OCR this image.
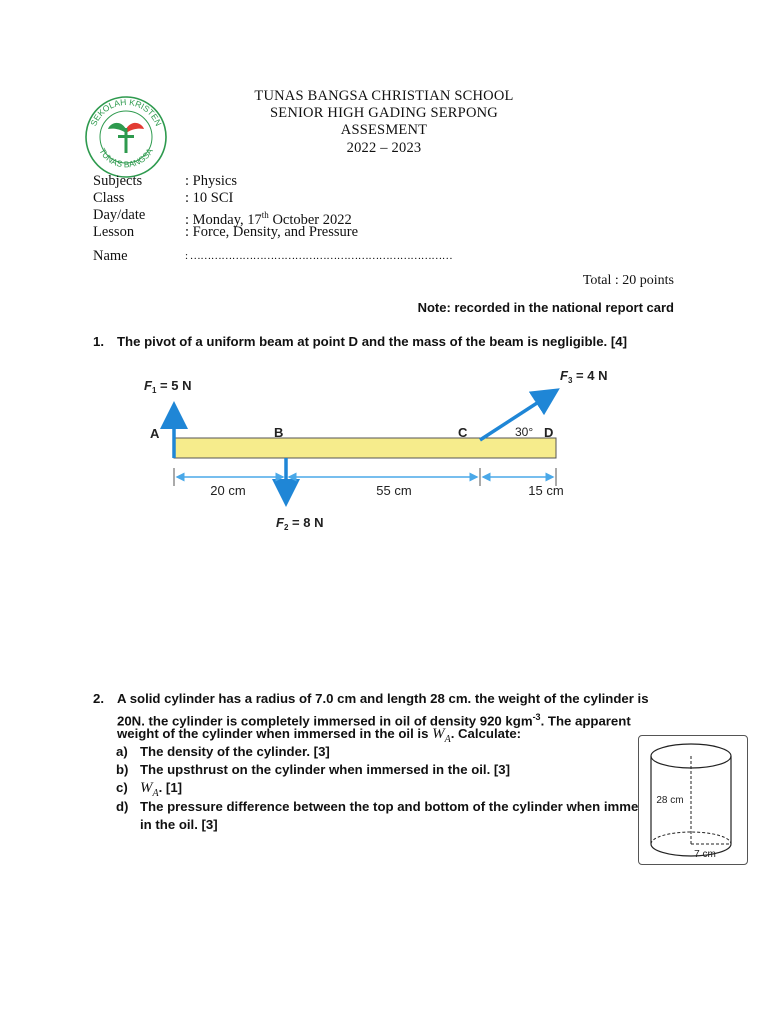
SEKOLAH KRISTEN
TUNAS BANGSA
TUNAS BANGSA CHRISTIAN SCHOOL
SENIOR HIGH GADING SERPONG
ASSESMENT
2022 – 2023
Subjects	: Physics
Class	: 10 SCI
Day/date	: Monday, 17th October 2022
Lesson	: Force, Density, and Pressure
Name	: …………………………………………………………………
Total : 20 points
Note: recorded in the national report card
1. The pivot of a uniform beam at point D and the mass of the beam is negligible. [4]
$F_1 = 5$ N
$F_2 = 8$ N
$F_3 = 4$ N
A	B	C	30° D
20 cm	55 cm	15 cm
2. A solid cylinder has a radius of 7.0 cm and length 28 cm. the weight of the cylinder is
20N. the cylinder is completely immersed in oil of density 920 kgm$^{-3}$. The apparent
weight of the cylinder when immersed in the oil is $W_A$. Calculate:
a) The density of the cylinder. [3]
b) The upsthrust on the cylinder when immersed in the oil. [3]
c) $W_A$. [1]
d) The pressure difference between the top and bottom of the cylinder when imme
in the oil. [3]
28 cm
7 cm
